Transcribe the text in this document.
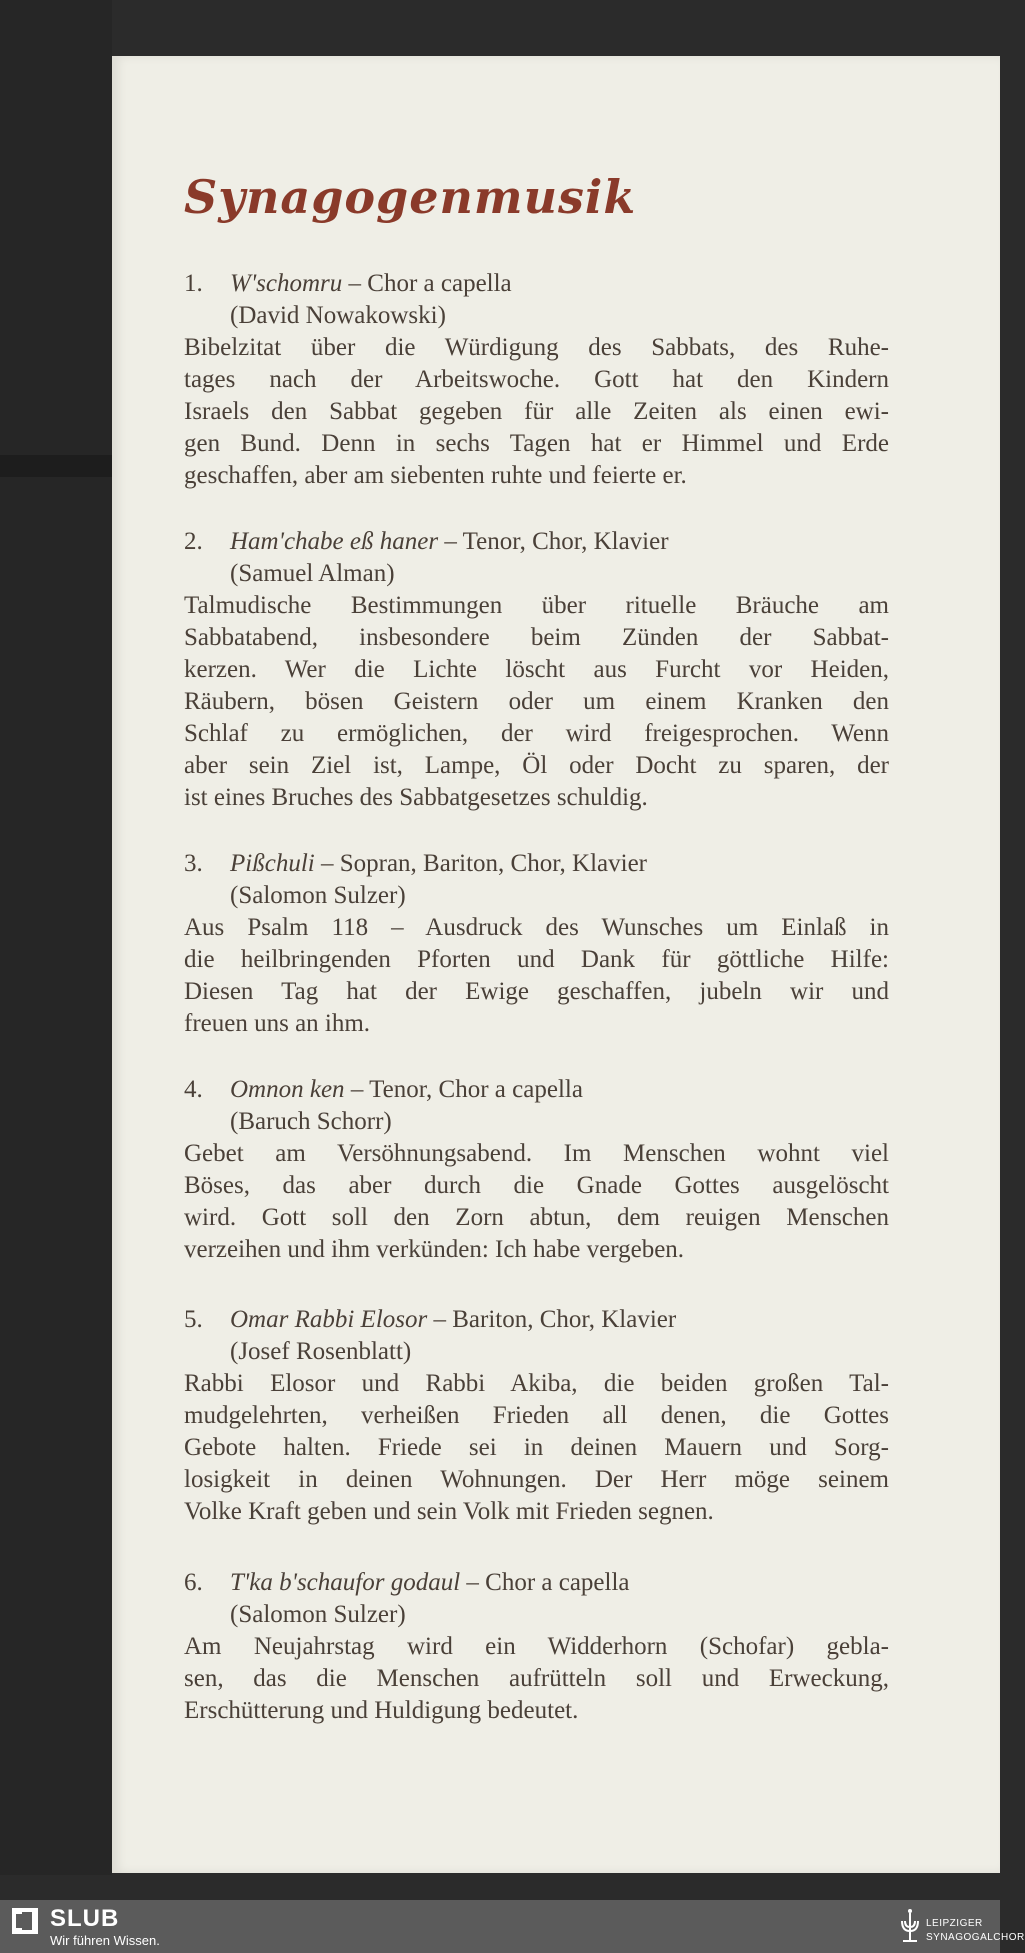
Synagogenmusik
1. W'schomru – Chor a capella
(David Nowakowski)
Bibelzitat über die Würdigung des Sabbats, des Ruhe-
tages nach der Arbeitswoche. Gott hat den Kindern
Israels den Sabbat gegeben für alle Zeiten als einen ewi-
gen Bund. Denn in sechs Tagen hat er Himmel und Erde
geschaffen, aber am siebenten ruhte und feierte er.
2. Ham'chabe eß haner – Tenor, Chor, Klavier
(Samuel Alman)
Talmudische Bestimmungen über rituelle Bräuche am
Sabbatabend, insbesondere beim Zünden der Sabbat-
kerzen. Wer die Lichte löscht aus Furcht vor Heiden,
Räubern, bösen Geistern oder um einem Kranken den
Schlaf zu ermöglichen, der wird freigesprochen. Wenn
aber sein Ziel ist, Lampe, Öl oder Docht zu sparen, der
ist eines Bruches des Sabbatgesetzes schuldig.
3. Pißchuli – Sopran, Bariton, Chor, Klavier
(Salomon Sulzer)
Aus Psalm 118 – Ausdruck des Wunsches um Einlaß in
die heilbringenden Pforten und Dank für göttliche Hilfe:
Diesen Tag hat der Ewige geschaffen, jubeln wir und
freuen uns an ihm.
4. Omnon ken – Tenor, Chor a capella
(Baruch Schorr)
Gebet am Versöhnungsabend. Im Menschen wohnt viel
Böses, das aber durch die Gnade Gottes ausgelöscht
wird. Gott soll den Zorn abtun, dem reuigen Menschen
verzeihen und ihm verkünden: Ich habe vergeben.
5. Omar Rabbi Elosor – Bariton, Chor, Klavier
(Josef Rosenblatt)
Rabbi Elosor und Rabbi Akiba, die beiden großen Tal-
mudgelehrten, verheißen Frieden all denen, die Gottes
Gebote halten. Friede sei in deinen Mauern und Sorg-
losigkeit in deinen Wohnungen. Der Herr möge seinem
Volke Kraft geben und sein Volk mit Frieden segnen.
6. T'ka b'schaufor godaul – Chor a capella
(Salomon Sulzer)
Am Neujahrstag wird ein Widderhorn (Schofar) gebla-
sen, das die Menschen aufrütteln soll und Erweckung,
Erschütterung und Huldigung bedeutet.
SLUB
Wir führen Wissen.
LEIPZIGER
SYNAGOGALCHOR
